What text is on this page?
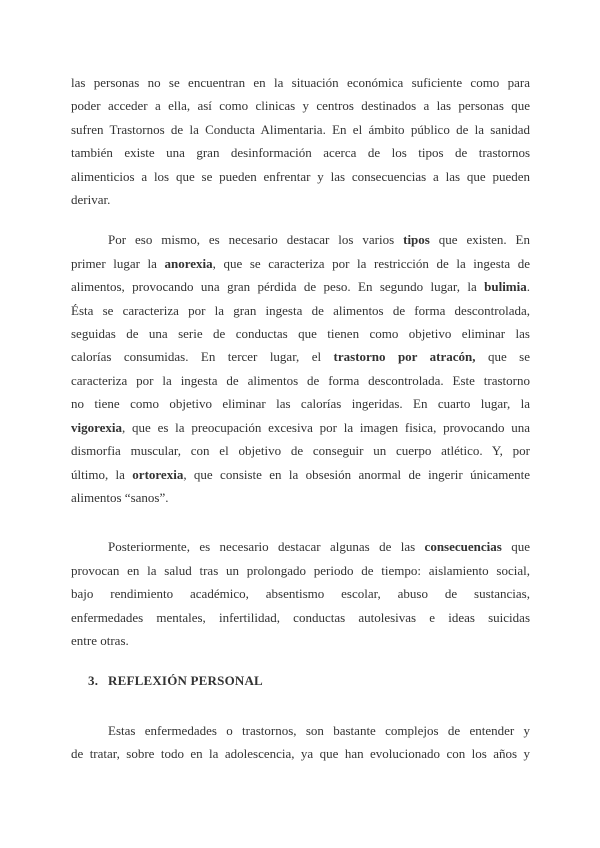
las personas no se encuentran en la situación económica suficiente como para
poder acceder a ella, así como clinicas y centros destinados a las personas que
sufren Trastornos de la Conducta Alimentaria. En el ámbito público de la sanidad
también existe una gran desinformación acerca de los tipos de trastornos
alimenticios a los que se pueden enfrentar y las consecuencias a las que pueden
derivar.
Por eso mismo, es necesario destacar los varios tipos que existen. En
primer lugar la anorexia, que se caracteriza por la restricción de la ingesta de
alimentos, provocando una gran pérdida de peso. En segundo lugar, la bulimia.
Ésta se caracteriza por la gran ingesta de alimentos de forma descontrolada,
seguidas de una serie de conductas que tienen como objetivo eliminar las
calorías consumidas. En tercer lugar, el trastorno por atracón, que se
caracteriza por la ingesta de alimentos de forma descontrolada. Este trastorno
no tiene como objetivo eliminar las calorías ingeridas. En cuarto lugar, la
vigorexia, que es la preocupación excesiva por la imagen fisica, provocando una
dismorfia muscular, con el objetivo de conseguir un cuerpo atlético. Y, por
último, la ortorexia, que consiste en la obsesión anormal de ingerir únicamente
alimentos “sanos”.
Posteriormente, es necesario destacar algunas de las consecuencias que
provocan en la salud tras un prolongado periodo de tiempo: aislamiento social,
bajo rendimiento académico, absentismo escolar, abuso de sustancias,
enfermedades mentales, infertilidad, conductas autolesivas e ideas suicidas
entre otras.
3. REFLEXIÓN PERSONAL
Estas enfermedades o trastornos, son bastante complejos de entender y
de tratar, sobre todo en la adolescencia, ya que han evolucionado con los años y
